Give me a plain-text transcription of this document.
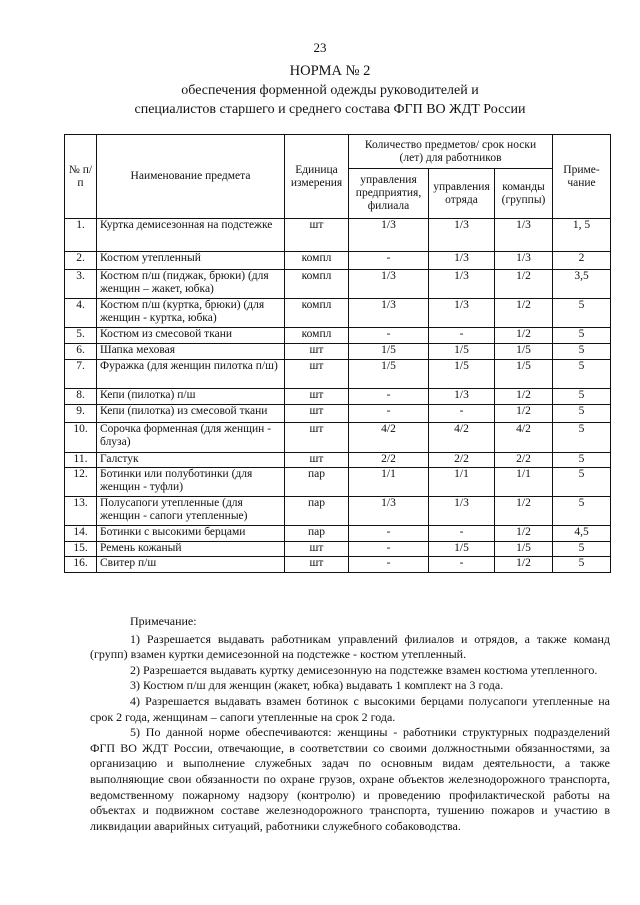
23
НОРМА № 2
обеспечения форменной одежды руководителей и
специалистов старшего и среднего состава ФГП ВО ЖДТ России
№ п/п	Наименование предмета	Единица измерения	Количество предметов/ срок носки (лет) для работников			Приме- чание
			управления предприятия, филиала	управления отряда	команды (группы)	
1.	Куртка демисезонная на подстежке	шт	1/3	1/3	1/3	1, 5
2.	Костюм утепленный	компл	-	1/3	1/3	2
3.	Костюм п/ш (пиджак, брюки) (для женщин – жакет, юбка)	компл	1/3	1/3	1/2	3,5
4.	Костюм п/ш (куртка, брюки) (для женщин - куртка, юбка)	компл	1/3	1/3	1/2	5
5.	Костюм из смесовой ткани	компл	-	-	1/2	5
6.	Шапка меховая	шт	1/5	1/5	1/5	5
7.	Фуражка (для женщин пилотка п/ш)	шт	1/5	1/5	1/5	5
8.	Кепи (пилотка) п/ш	шт	-	1/3	1/2	5
9.	Кепи (пилотка) из смесовой ткани	шт	-	-	1/2	5
10.	Сорочка форменная (для женщин - блуза)	шт	4/2	4/2	4/2	5
11.	Галстук	шт	2/2	2/2	2/2	5
12.	Ботинки или полуботинки (для женщин - туфли)	пар	1/1	1/1	1/1	5
13.	Полусапоги утепленные (для женщин - сапоги утепленные)	пар	1/3	1/3	1/2	5
14.	Ботинки с высокими берцами	пар	-	-	1/2	4,5
15.	Ремень кожаный	шт	-	1/5	1/5	5
16.	Свитер п/ш	шт	-	-	1/2	5

Примечание:

1) Разрешается выдавать работникам управлений филиалов и отрядов, а также команд (групп) взамен куртки демисезонной на подстежке - костюм утепленный.

2) Разрешается выдавать куртку демисезонную на подстежке взамен костюма утепленного.

3) Костюм п/ш для женщин (жакет, юбка) выдавать 1 комплект на 3 года.

4) Разрешается выдавать взамен ботинок с высокими берцами полусапоги утепленные на срок 2 года, женщинам – сапоги утепленные на срок 2 года.

5) По данной норме обеспечиваются: женщины - работники структурных подразделений ФГП ВО ЖДТ России, отвечающие, в соответствии со своими должностными обязанностями, за организацию и выполнение служебных задач по основным видам деятельности, а также выполняющие свои обязанности по охране грузов, охране объектов железнодорожного транспорта, ведомственному пожарному надзору (контролю) и проведению профилактической работы на объектах и подвижном составе железнодорожного транспорта, тушению пожаров и участию в ликвидации аварийных ситуаций, работники служебного собаководства.
